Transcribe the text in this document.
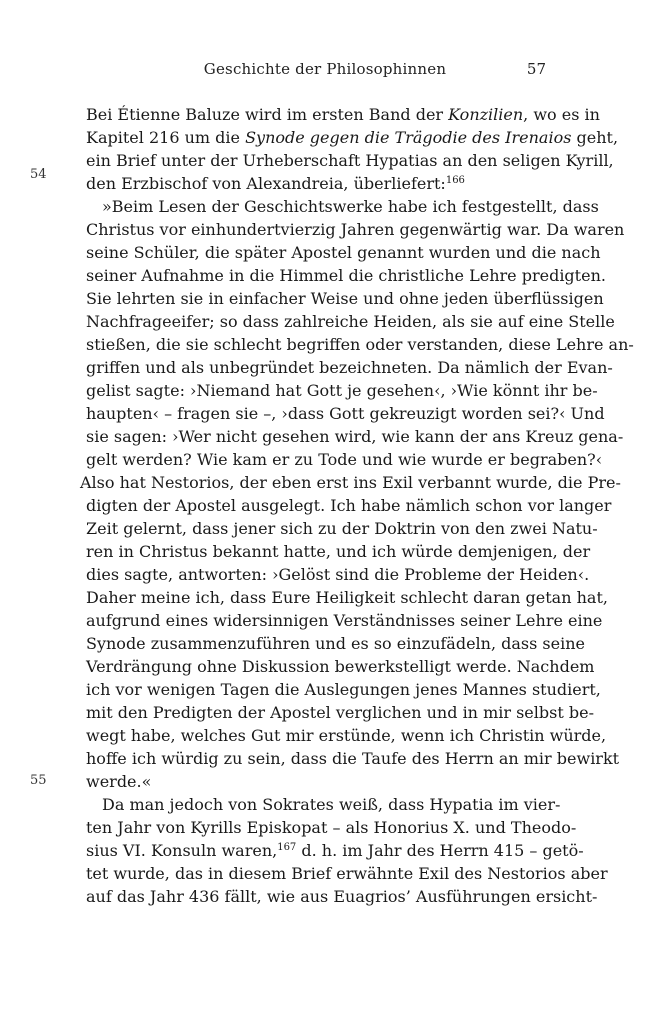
Geschichte der Philosophinnen	57
54
55
Bei Étienne Baluze wird im ersten Band der Konzilien, wo es in
Kapitel 216 um die Synode gegen die Trägodie des Irenaios geht,
ein Brief unter der Urheberschaft Hypatias an den seligen Kyrill,
den Erzbischof von Alexandreia, überliefert:$^{166}$
»Beim Lesen der Geschichtswerke habe ich festgestellt, dass
Christus vor einhundertvierzig Jahren gegenwärtig war. Da waren
seine Schüler, die später Apostel genannt wurden und die nach
seiner Aufnahme in die Himmel die christliche Lehre predigten.
Sie lehrten sie in einfacher Weise und ohne jeden überflüssigen
Nachfrageeifer; so dass zahlreiche Heiden, als sie auf eine Stelle
stießen, die sie schlecht begriffen oder verstanden, diese Lehre an-
griffen und als unbegründet bezeichneten. Da nämlich der Evan-
gelist sagte: ›Niemand hat Gott je gesehen‹, ›Wie könnt ihr be-
haupten‹ – fragen sie –, ›dass Gott gekreuzigt worden sei?‹ Und
sie sagen: ›Wer nicht gesehen wird, wie kann der ans Kreuz gena-
gelt werden? Wie kam er zu Tode und wie wurde er begraben?‹
Also hat Nestorios, der eben erst ins Exil verbannt wurde, die Pre-
digten der Apostel ausgelegt. Ich habe nämlich schon vor langer
Zeit gelernt, dass jener sich zu der Doktrin von den zwei Natu-
ren in Christus bekannt hatte, und ich würde demjenigen, der
dies sagte, antworten: ›Gelöst sind die Probleme der Heiden‹.
Daher meine ich, dass Eure Heiligkeit schlecht daran getan hat,
aufgrund eines widersinnigen Verständnisses seiner Lehre eine
Synode zusammenzuführen und es so einzufädeln, dass seine
Verdrängung ohne Diskussion bewerkstelligt werde. Nachdem
ich vor wenigen Tagen die Auslegungen jenes Mannes studiert,
mit den Predigten der Apostel verglichen und in mir selbst be-
wegt habe, welches Gut mir erstünde, wenn ich Christin würde,
hoffe ich würdig zu sein, dass die Taufe des Herrn an mir bewirkt
werde.«
Da man jedoch von Sokrates weiß, dass Hypatia im vier-
ten Jahr von Kyrills Episkopat – als Honorius X. und Theodo-
sius VI. Konsuln waren,$^{167}$ d. h. im Jahr des Herrn 415 – getö-
tet wurde, das in diesem Brief erwähnte Exil des Nestorios aber
auf das Jahr 436 fällt, wie aus Euagrios’ Ausführungen ersicht-
